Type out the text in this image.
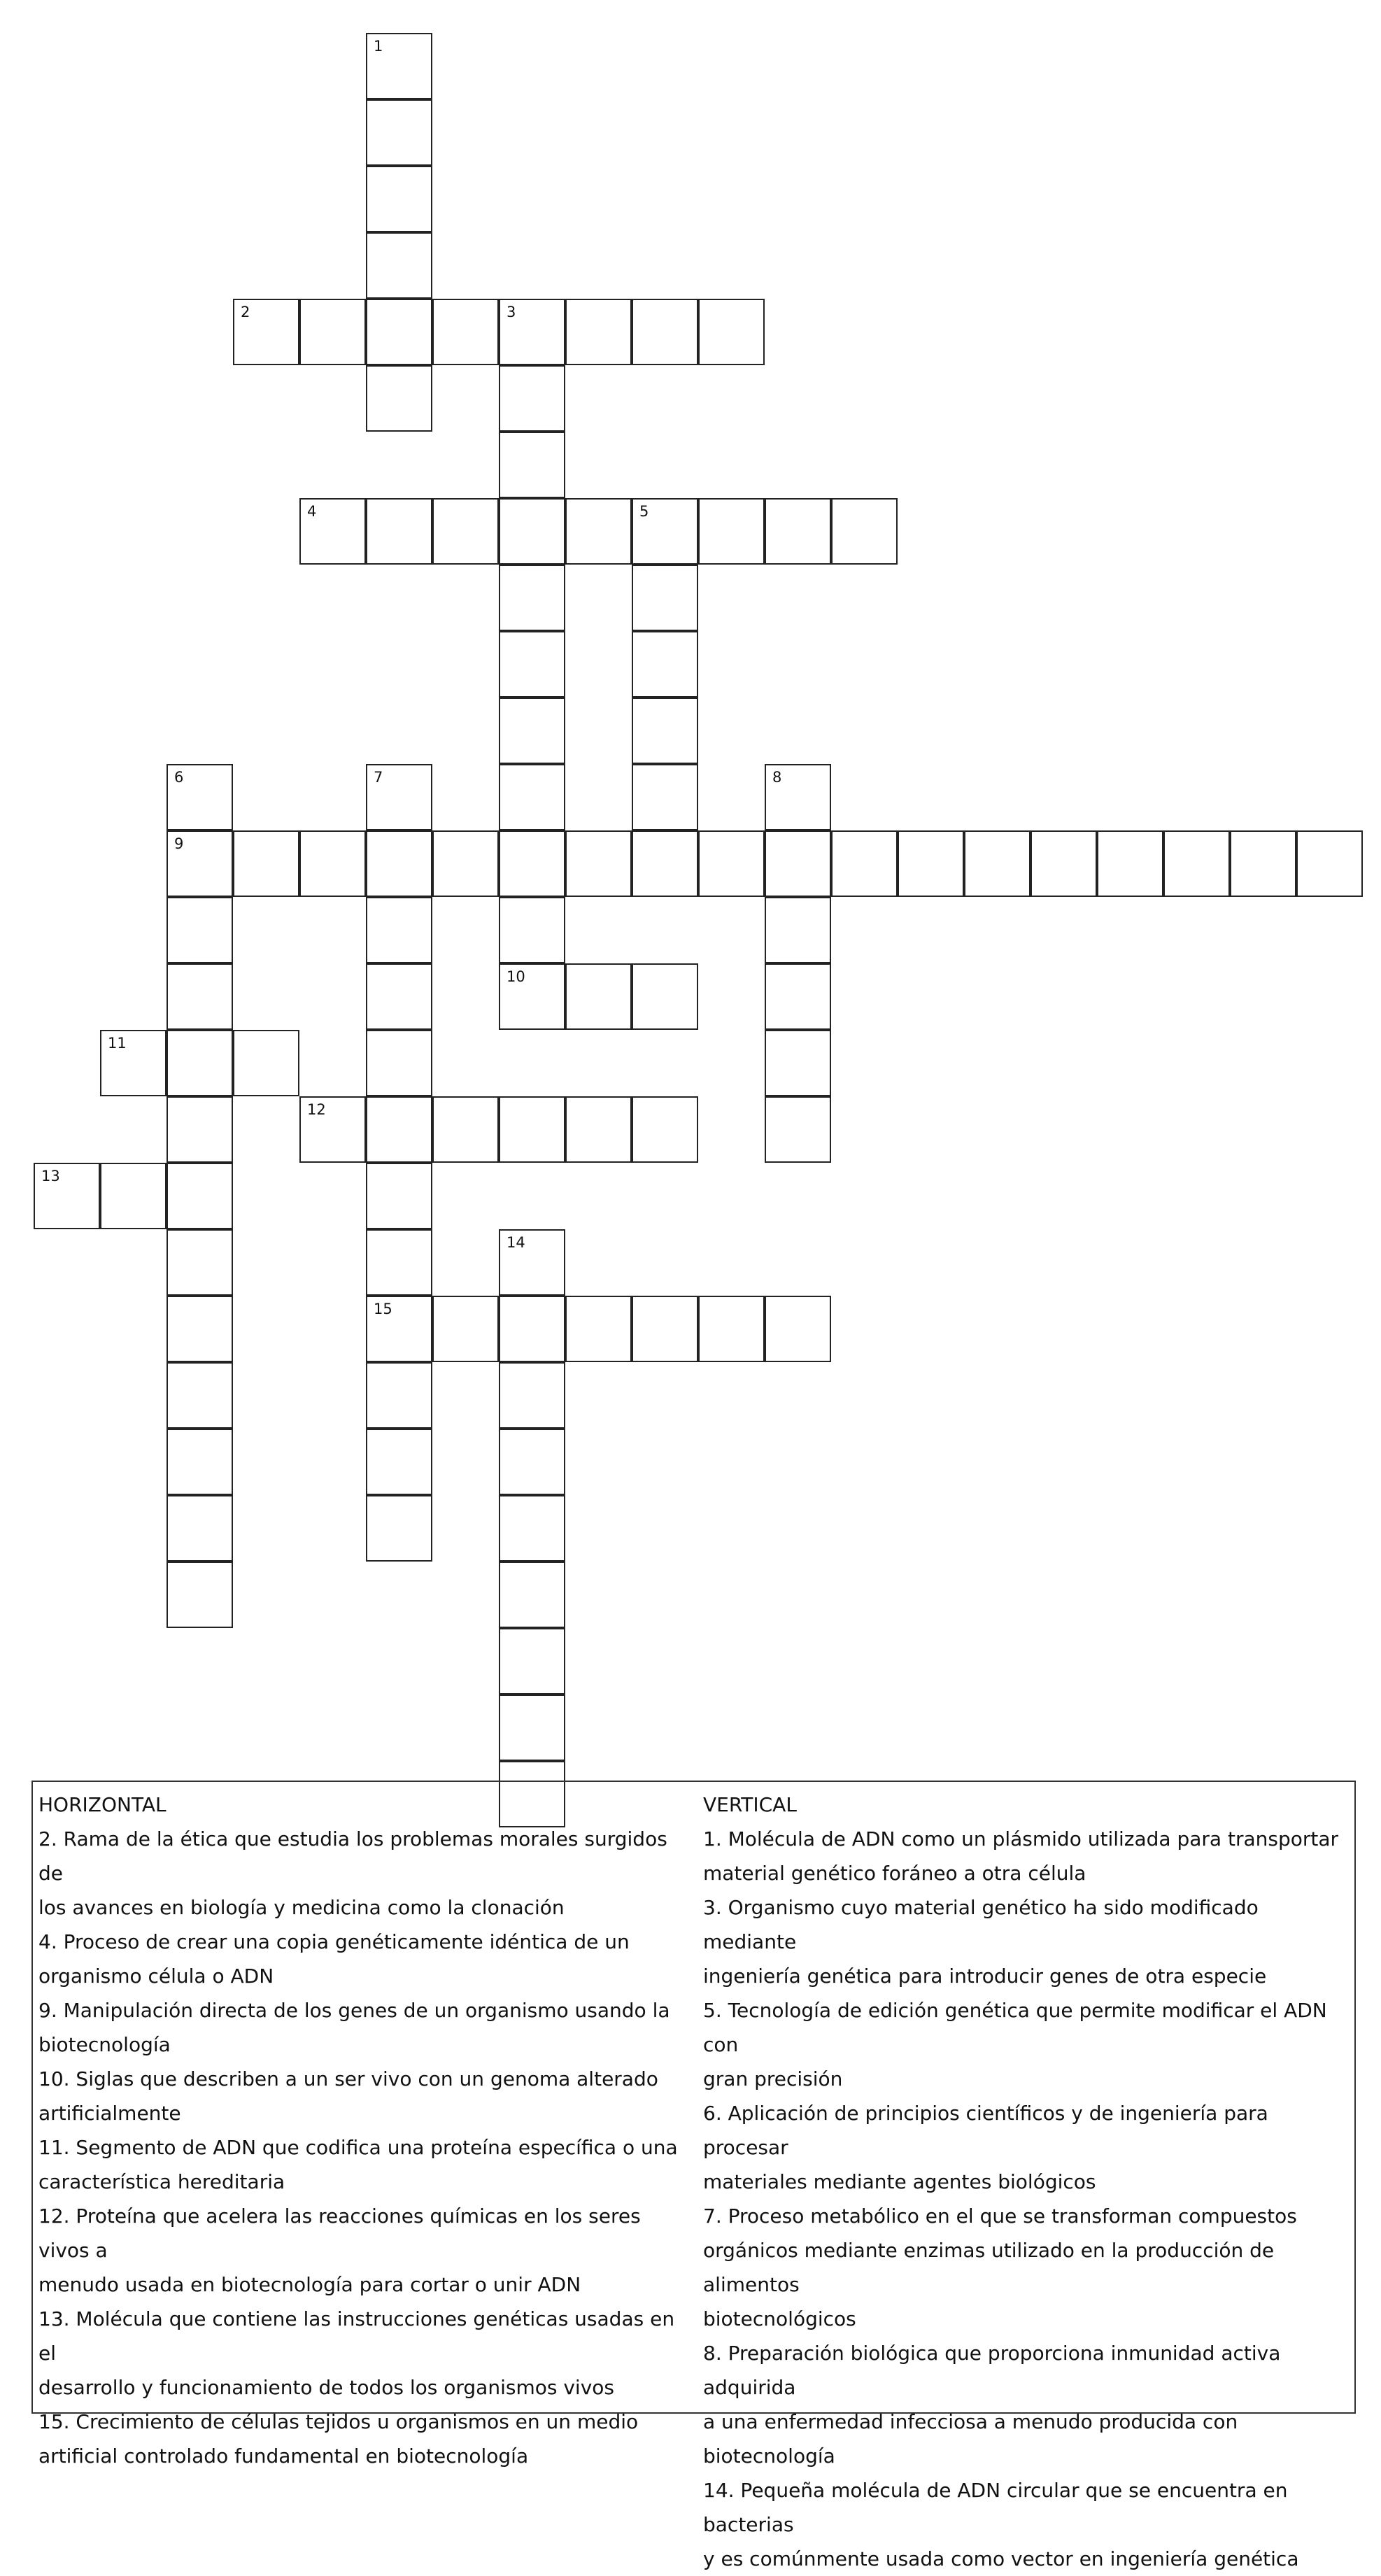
1
2	3
4	5
6
9
7
15
8
10
11
12
13
14
HORIZONTAL
2. Rama de la ética que estudia los problemas morales surgidos de
los avances en biología y medicina como la clonación
4. Proceso de crear una copia genéticamente idéntica de un
organismo célula o ADN
9. Manipulación directa de los genes de un organismo usando la
biotecnología
10. Siglas que describen a un ser vivo con un genoma alterado
artificialmente
11. Segmento de ADN que codifica una proteína específica o una
característica hereditaria
12. Proteína que acelera las reacciones químicas en los seres vivos a
menudo usada en biotecnología para cortar o unir ADN
13. Molécula que contiene las instrucciones genéticas usadas en el
desarrollo y funcionamiento de todos los organismos vivos
15. Crecimiento de células tejidos u organismos en un medio
artificial controlado fundamental en biotecnología
VERTICAL
1. Molécula de ADN como un plásmido utilizada para transportar
material genético foráneo a otra célula
3. Organismo cuyo material genético ha sido modificado mediante
ingeniería genética para introducir genes de otra especie
5. Tecnología de edición genética que permite modificar el ADN con
gran precisión
6. Aplicación de principios científicos y de ingeniería para procesar
materiales mediante agentes biológicos
7. Proceso metabólico en el que se transforman compuestos
orgánicos mediante enzimas utilizado en la producción de alimentos
biotecnológicos
8. Preparación biológica que proporciona inmunidad activa adquirida
a una enfermedad infecciosa a menudo producida con biotecnología
14. Pequeña molécula de ADN circular que se encuentra en bacterias
y es comúnmente usada como vector en ingeniería genética
